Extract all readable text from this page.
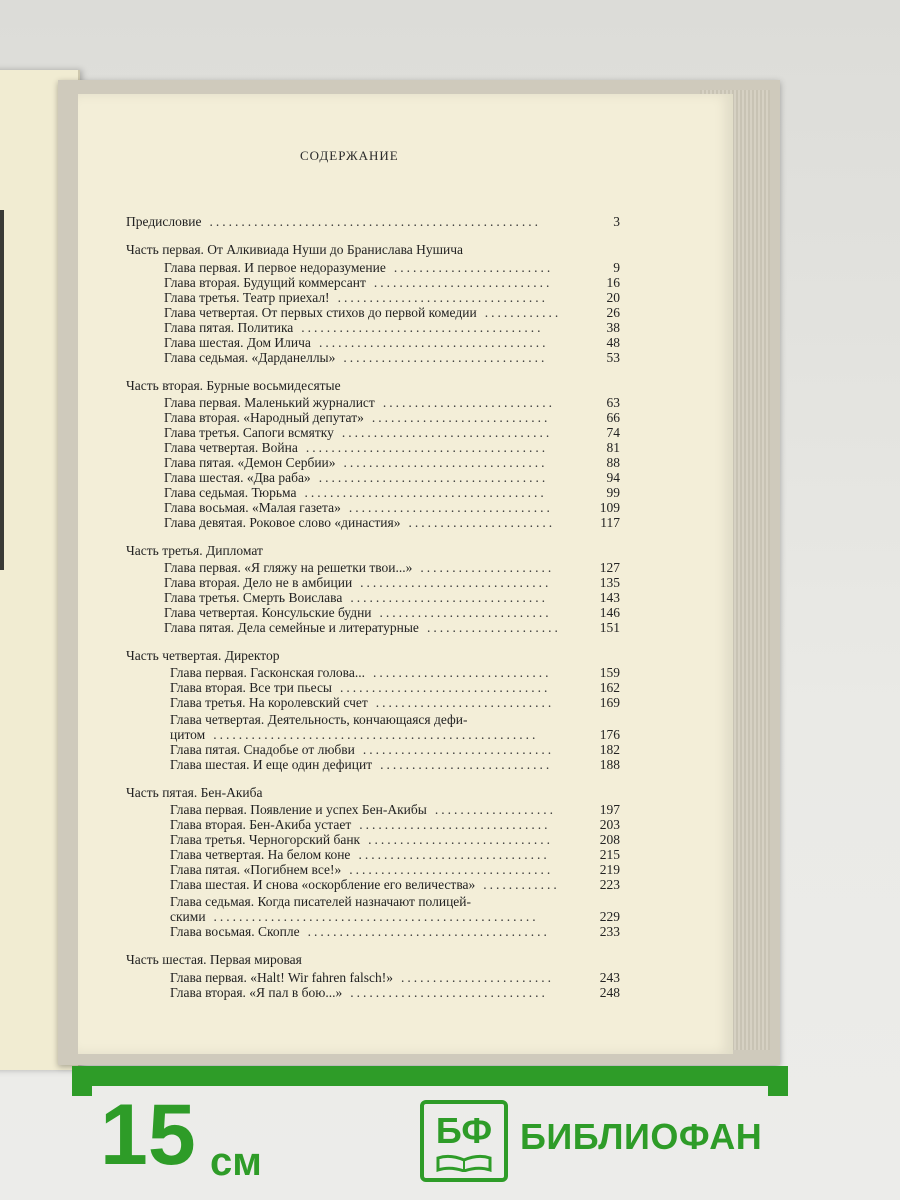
СОДЕРЖАНИЕ
Предисловие ....................................................	3
Часть первая. От Алкивиада Нуши до Бранислава Нушича
Глава первая. И первое недоразумение .........................	9
Глава вторая. Будущий коммерсант ............................	16
Глава третья. Театр приехал! .................................	20
Глава четвертая. От первых стихов до первой комедии ............	26
Глава пятая. Политика ......................................	38
Глава шестая. Дом Илича ....................................	48
Глава седьмая. «Дарданеллы» ................................	53
Часть вторая. Бурные восьмидесятые
Глава первая. Маленький журналист ...........................	63
Глава вторая. «Народный депутат» ............................	66
Глава третья. Сапоги всмятку .................................	74
Глава четвертая. Война ......................................	81
Глава пятая. «Демон Сербии» ................................	88
Глава шестая. «Два раба» ....................................	94
Глава седьмая. Тюрьма ......................................	99
Глава восьмая. «Малая газета» ................................	109
Глава девятая. Роковое слово «династия» .......................	117
Часть третья. Дипломат
Глава первая. «Я гляжу на решетки твои...» .....................	127
Глава вторая. Дело не в амбиции ..............................	135
Глава третья. Смерть Воислава ...............................	143
Глава четвертая. Консульские будни ...........................	146
Глава пятая. Дела семейные и литературные .....................	151
Часть четвертая. Директор
Глава первая. Гасконская голова... ............................	159
Глава вторая. Все три пьесы .................................	162
Глава третья. На королевский счет ............................	169
Глава четвертая. Деятельность, кончающаяся дефи-
цитом ...................................................	176
Глава пятая. Снадобье от любви ..............................	182
Глава шестая. И еще один дефицит ...........................	188
Часть пятая. Бен-Акиба
Глава первая. Появление и успех Бен-Акибы ...................	197
Глава вторая. Бен-Акиба устает ..............................	203
Глава третья. Черногорский банк .............................	208
Глава четвертая. На белом коне ..............................	215
Глава пятая. «Погибнем все!» ................................	219
Глава шестая. И снова «оскорбление его величества» ............	223
Глава седьмая. Когда писателей назначают полицей-
скими ...................................................	229
Глава восьмая. Скопле ......................................	233
Часть шестая. Первая мировая
Глава первая. «Halt! Wir fahren falsch!» ........................	243
Глава вторая. «Я пал в бою...» ...............................	248
15 см
БФ БИБЛИОФАН
